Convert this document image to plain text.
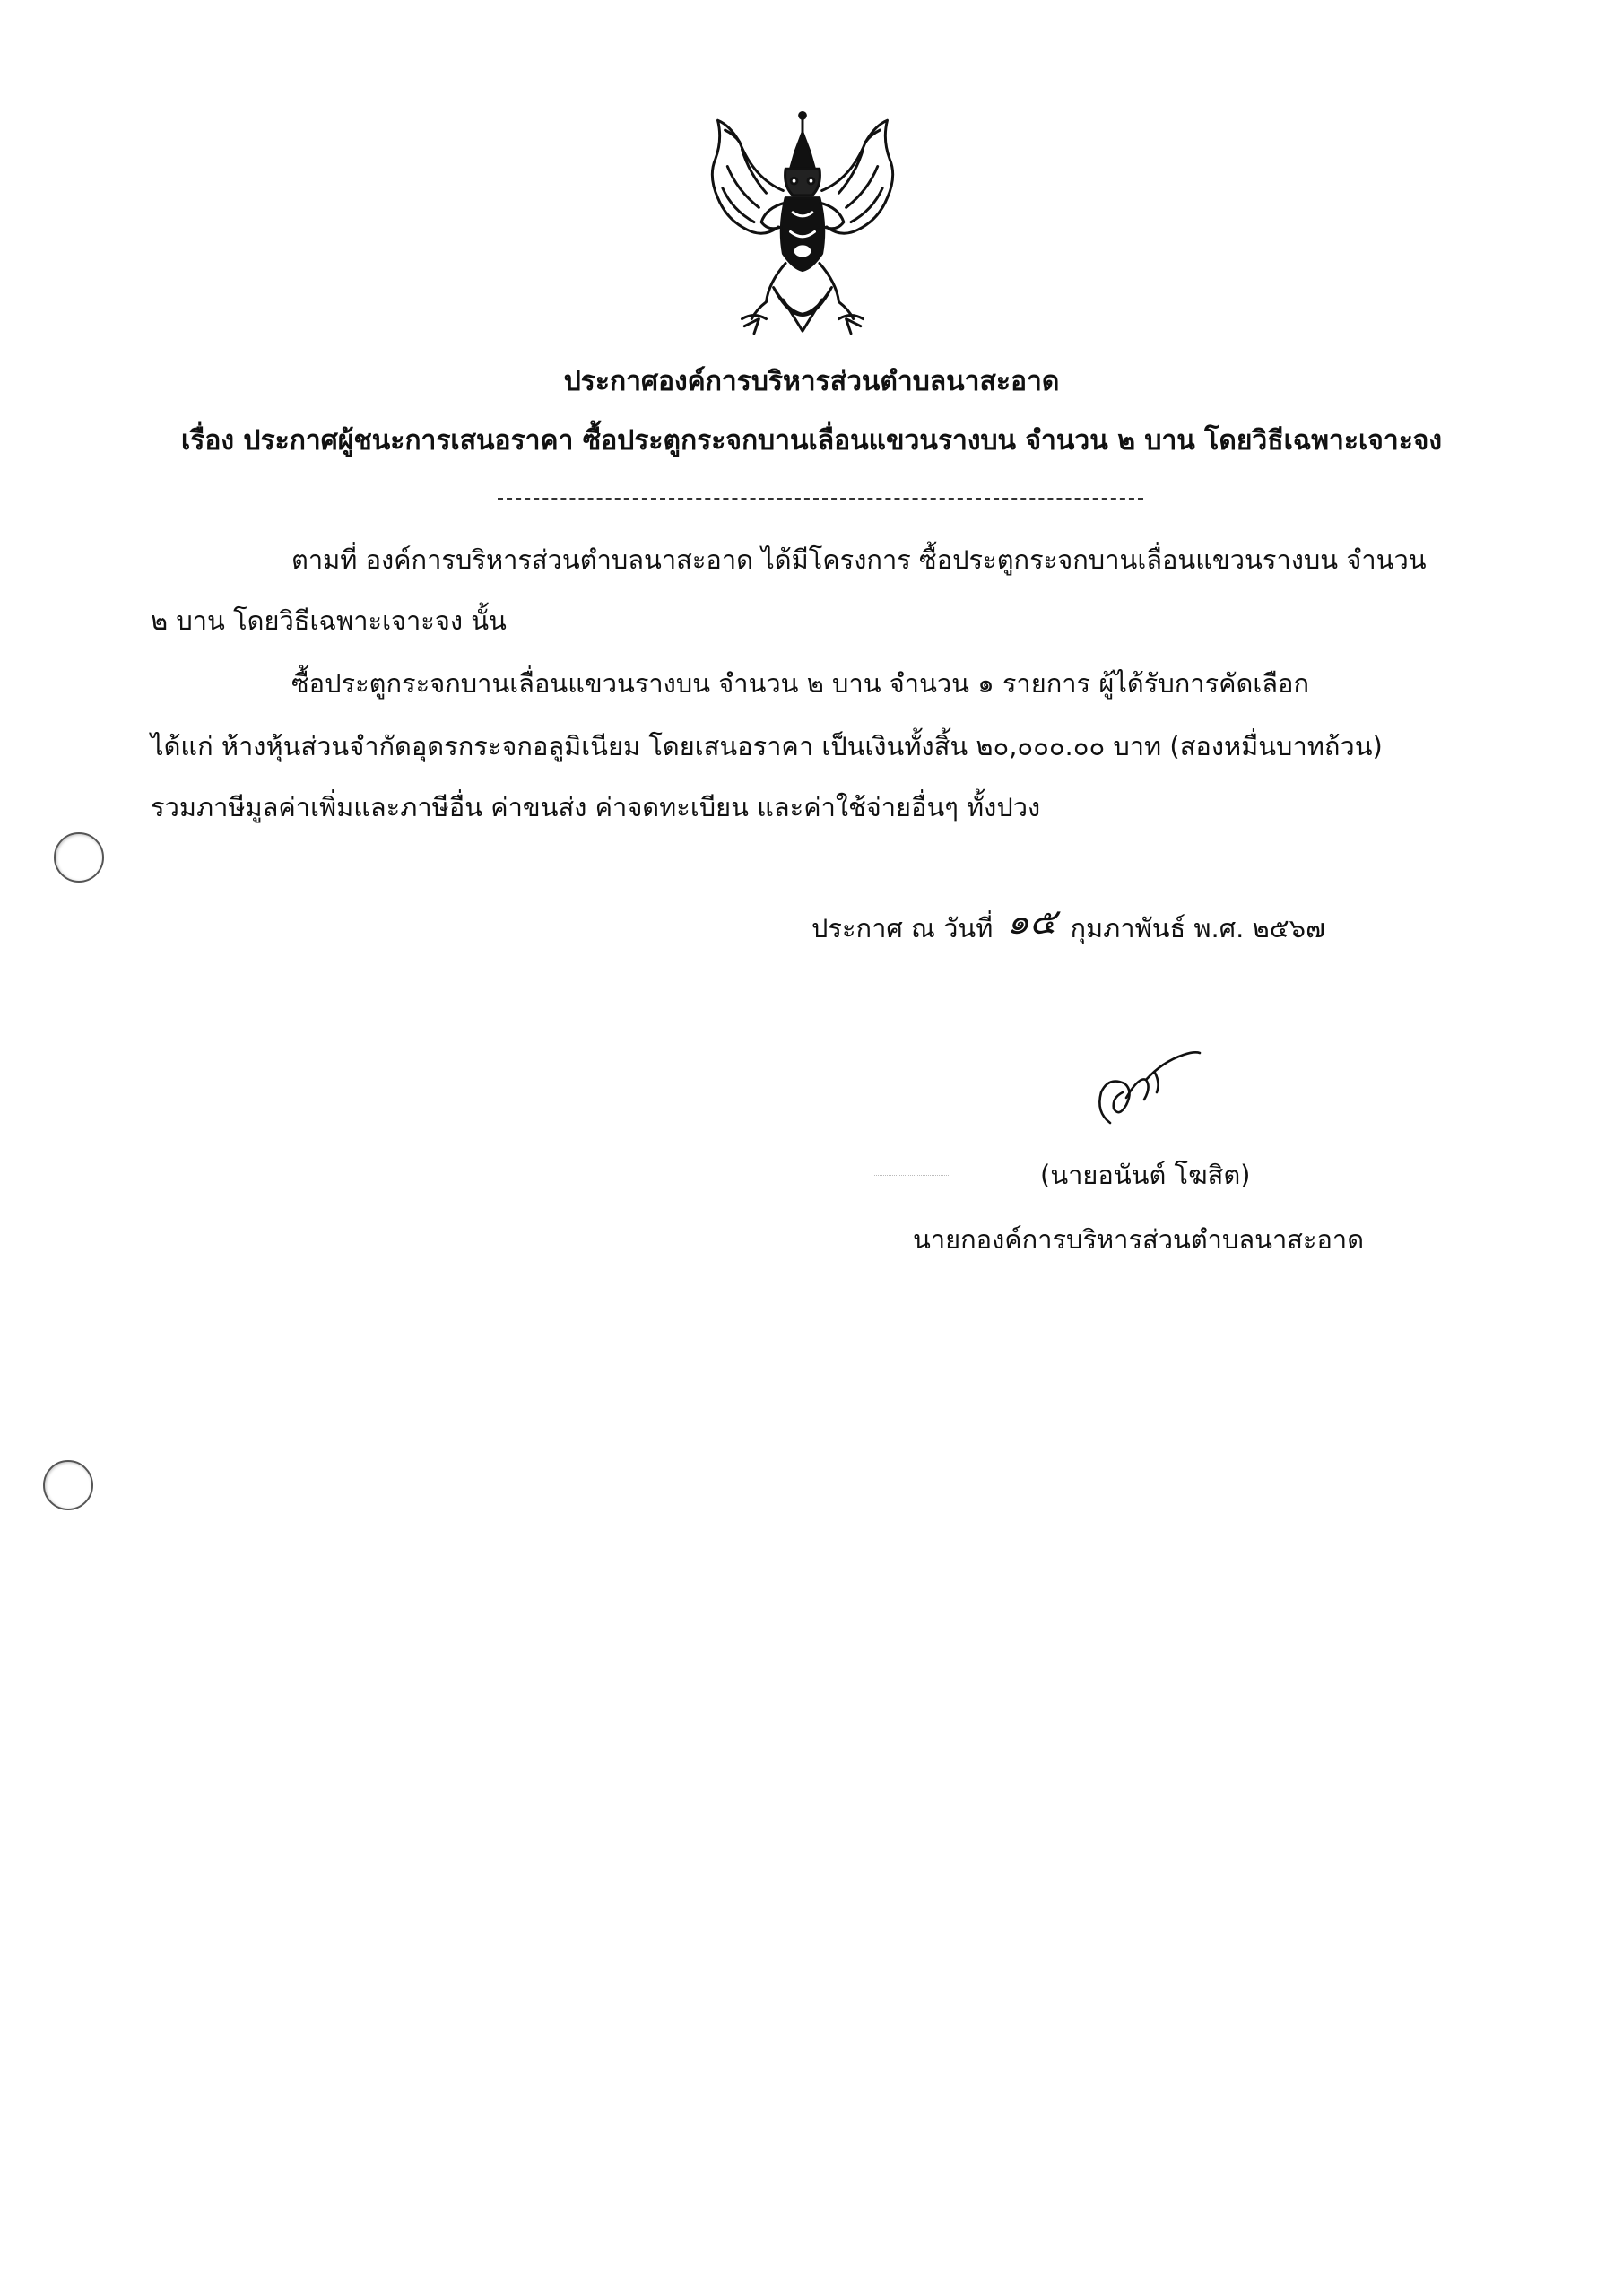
ประกาศองค์การบริหารส่วนตำบลนาสะอาด
เรื่อง ประกาศผู้ชนะการเสนอราคา ซื้อประตูกระจกบานเลื่อนแขวนรางบน จำนวน ๒ บาน โดยวิธีเฉพาะเจาะจง
ตามที่ องค์การบริหารส่วนตำบลนาสะอาด ได้มีโครงการ ซื้อประตูกระจกบานเลื่อนแขวนรางบน จำนวน
๒ บาน โดยวิธีเฉพาะเจาะจง นั้น
ซื้อประตูกระจกบานเลื่อนแขวนรางบน จำนวน ๒ บาน จำนวน ๑ รายการ ผู้ได้รับการคัดเลือก
ได้แก่ ห้างหุ้นส่วนจำกัดอุดรกระจกอลูมิเนียม โดยเสนอราคา เป็นเงินทั้งสิ้น ๒๐,๐๐๐.๐๐ บาท (สองหมื่นบาทถ้วน)
รวมภาษีมูลค่าเพิ่มและภาษีอื่น ค่าขนส่ง ค่าจดทะเบียน และค่าใช้จ่ายอื่นๆ ทั้งปวง
ประกาศ ณ วันที่ ๑๕ กุมภาพันธ์ พ.ศ. ๒๕๖๗
(นายอนันต์ โฆสิต)
นายกองค์การบริหารส่วนตำบลนาสะอาด
